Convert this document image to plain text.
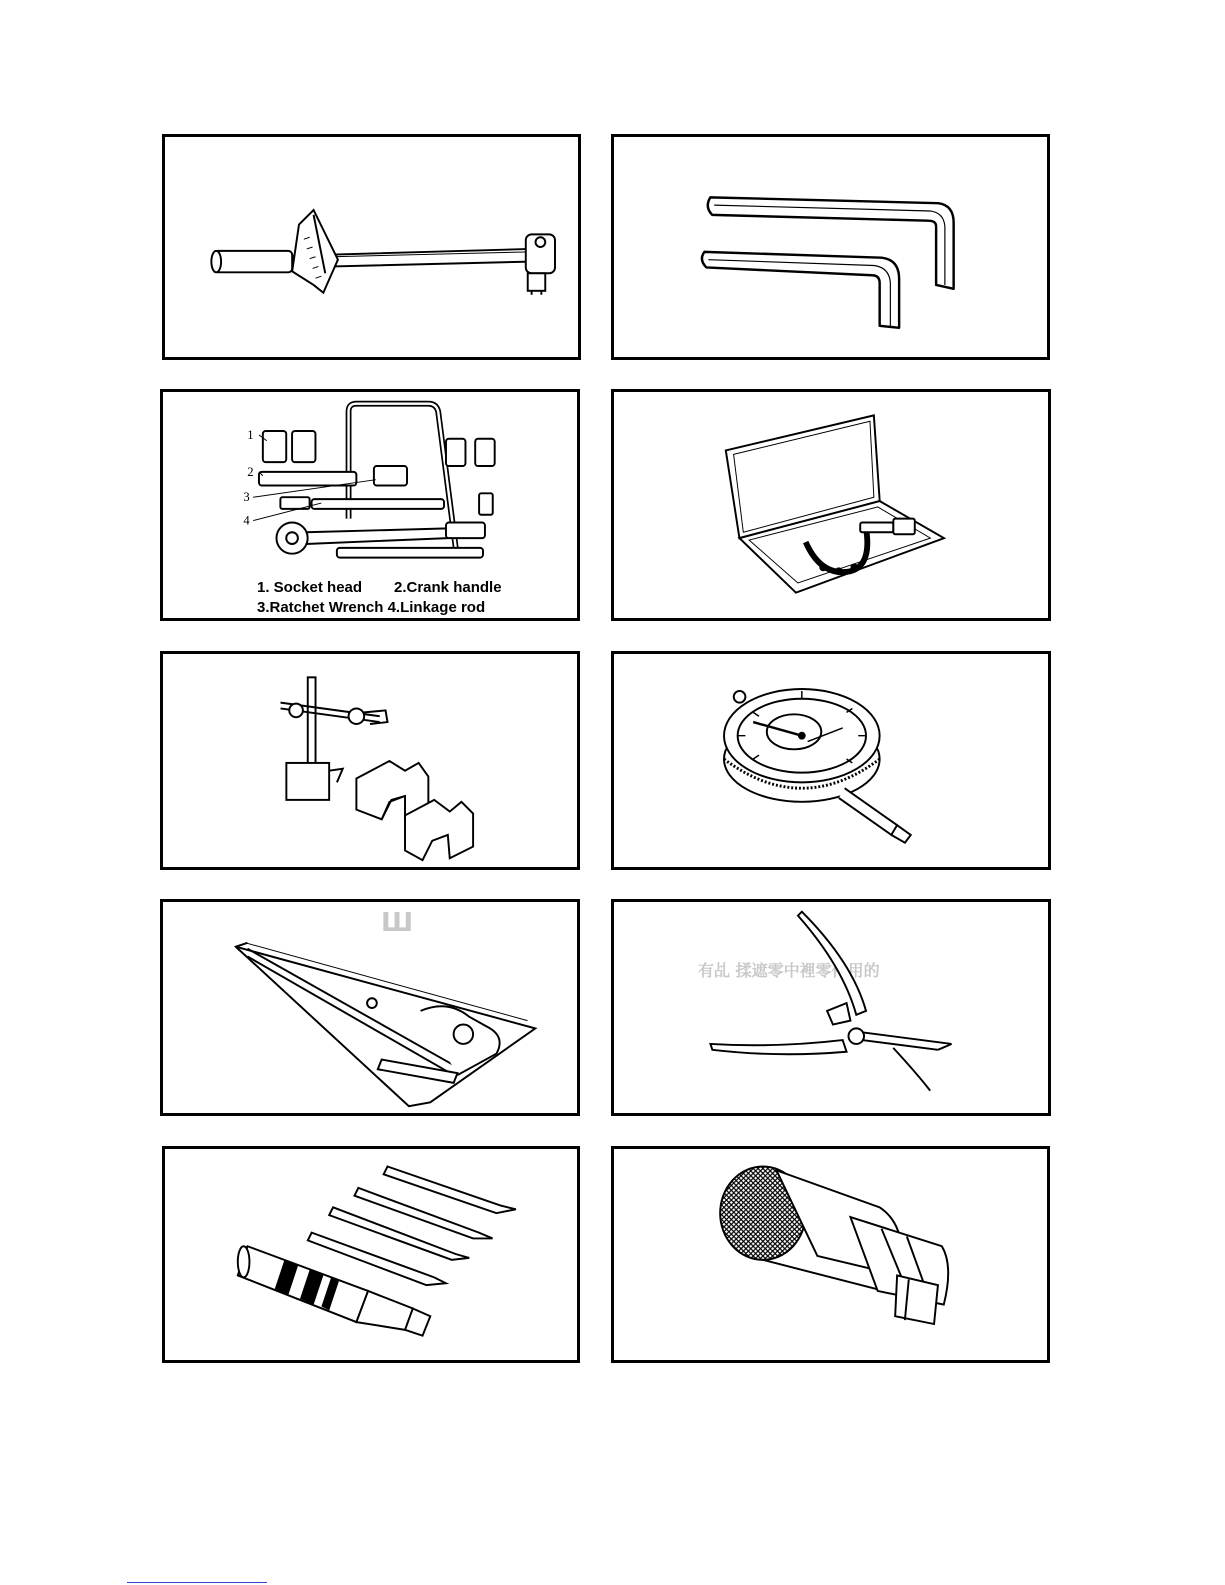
1
2
3
4
1. Socket head 2.Crank handle
3.Ratchet Wrench 4.Linkage rod
Ш
有乩 揉遮零中裡零件用的
